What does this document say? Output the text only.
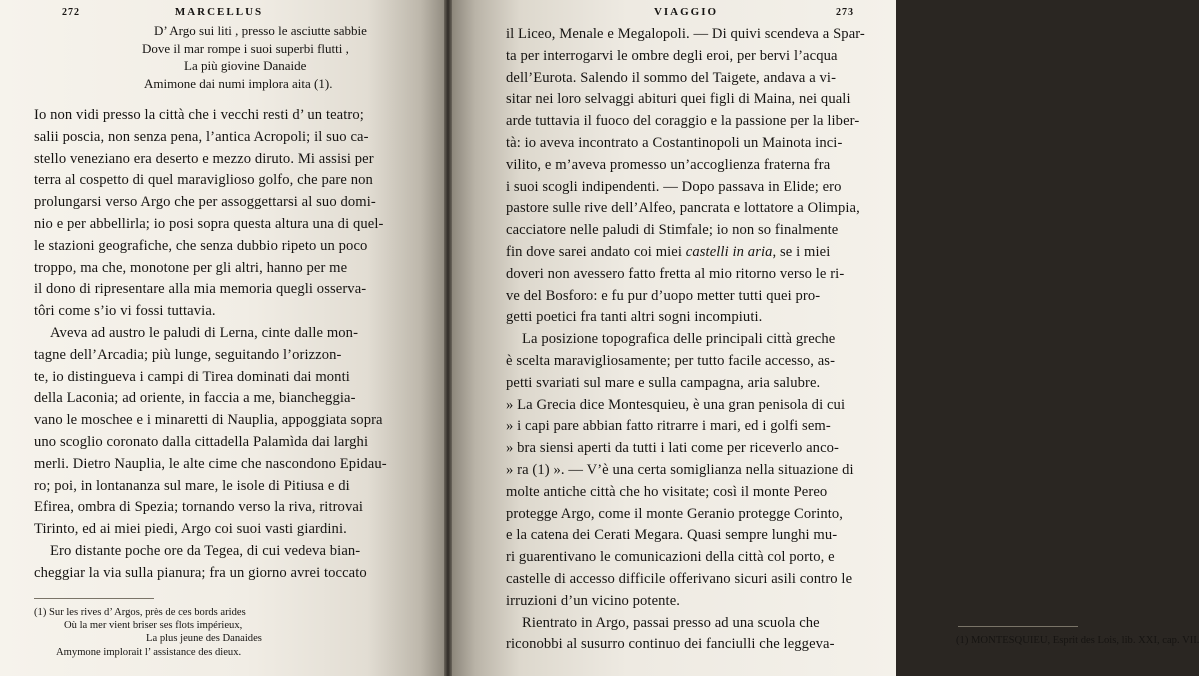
272	MARCELLUS
D’ Argo sui liti , presso le asciutte sabbie
Dove il mar rompe i suoi superbi flutti ,
La più giovine Danaide
Amimone dai numi implora aita (1).
Io non vidi presso la città che i vecchi resti d’ un teatro;
salii poscia, non senza pena, l’antica Acropoli; il suo ca-
stello veneziano era deserto e mezzo diruto. Mi assisi per
terra al cospetto di quel maraviglioso golfo, che pare non
prolungarsi verso Argo che per assoggettarsi al suo domi-
nio e per abbellirla; io posi sopra questa altura una di quel-
le stazioni geografiche, che senza dubbio ripeto un poco
troppo, ma che, monotone per gli altri, hanno per me
il dono di ripresentare alla mia memoria quegli osserva-
tôri come s’io vi fossi tuttavia.
Aveva ad austro le paludi di Lerna, cinte dalle mon-
tagne dell’Arcadia; più lunge, seguitando l’orizzon-
te, io distingueva i campi di Tirea dominati dai monti
della Laconia; ad oriente, in faccia a me, biancheggia-
vano le moschee e i minaretti di Nauplia, appoggiata sopra
uno scoglio coronato dalla cittadella Palamìda dai larghi
merli. Dietro Nauplia, le alte cime che nascondono Epidau-
ro; poi, in lontananza sul mare, le isole di Pitiusa e di
Efirea, ombra di Spezia; tornando verso la riva, ritrovai
Tirinto, ed ai miei piedi, Argo coi suoi vasti giardini.
Ero distante poche ore da Tegea, di cui vedeva bian-
cheggiar la via sulla pianura; fra un giorno avrei toccato
(1) Sur les rives d’ Argos, près de ces bords arides
Où la mer vient briser ses flots impérieux,
La plus jeune des Danaides
Amymone implorait l’ assistance des dieux.
VIAGGIO	273
il Liceo, Menale e Megalopoli. — Di quivi scendeva a Spar-
ta per interrogarvi le ombre degli eroi, per bervi l’acqua
dell’Eurota. Salendo il sommo del Taigete, andava a vi-
sitar nei loro selvaggi abituri quei figli di Maina, nei quali
arde tuttavia il fuoco del coraggio e la passione per la liber-
tà: io aveva incontrato a Costantinopoli un Mainota inci-
vilito, e m’aveva promesso un’accoglienza fraterna fra
i suoi scogli indipendenti. — Dopo passava in Elide; ero
pastore sulle rive dell’Alfeo, pancrata e lottatore a Olimpia,
cacciatore nelle paludi di Stimfale; io non so finalmente
fin dove sarei andato coi miei castelli in aria, se i miei
doveri non avessero fatto fretta al mio ritorno verso le ri-
ve del Bosforo: e fu pur d’uopo metter tutti quei pro-
getti poetici fra tanti altri sogni incompiuti.
La posizione topografica delle principali città greche
è scelta maravigliosamente; per tutto facile accesso, as-
petti svariati sul mare e sulla campagna, aria salubre.
» La Grecia dice Montesquieu, è una gran penisola di cui
» i capi pare abbian fatto ritrarre i mari, ed i golfi sem-
» bra siensi aperti da tutti i lati come per riceverlo anco-
» ra (1) ». — V’è una certa somiglianza nella situazione di
molte antiche città che ho visitate; così il monte Pereo
protegge Argo, come il monte Geranio protegge Corinto,
e la catena dei Cerati Megara. Quasi sempre lunghi mu-
ri guarentivano le comunicazioni della città col porto, e
castelle di accesso difficile offerivano sicuri asili contro le
irruzioni d’un vicino potente.
Rientrato in Argo, passai presso ad una scuola che
riconobbi al susurro continuo dei fanciulli che leggeva-	(1) MONTESQUIEU, Esprit des Lois, lib. XXI, cap. VII.
